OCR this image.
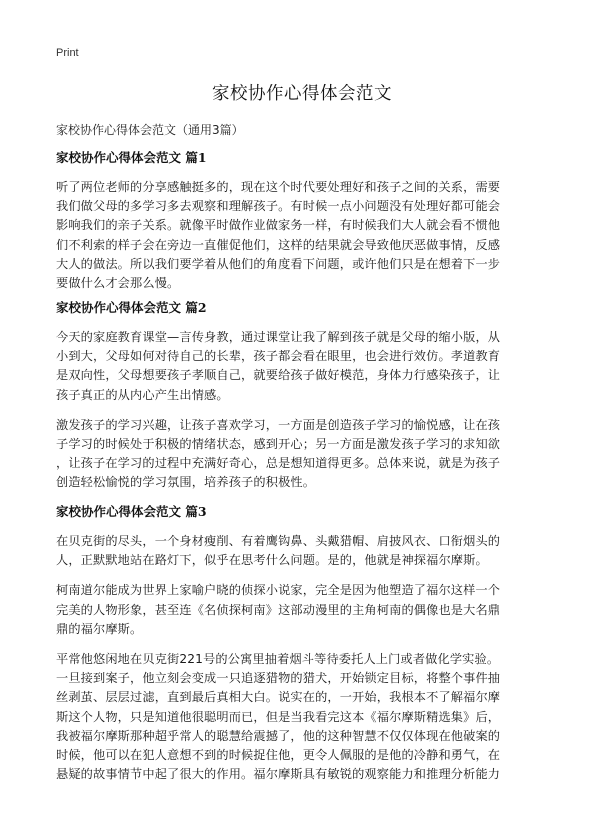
Print
家校协作心得体会范文
家校协作心得体会范文（通用3篇）
家校协作心得体会范文 篇1

听了两位老师的分享感触挺多的，现在这个时代要处理好和孩子之间的关系，需要
我们做父母的多学习多去观察和理解孩子。有时候一点小问题没有处理好都可能会
影响我们的亲子关系。就像平时做作业做家务一样，有时候我们大人就会看不惯他
们不利索的样子会在旁边一直催促他们，这样的结果就会导致他厌恶做事情，反感
大人的做法。所以我们要学着从他们的角度看下问题，或许他们只是在想着下一步
要做什么才会那么慢。

家校协作心得体会范文 篇2

今天的家庭教育课堂—言传身教，通过课堂让我了解到孩子就是父母的缩小版，从
小到大，父母如何对待自己的长辈，孩子都会看在眼里，也会进行效仿。孝道教育
是双向性，父母想要孩子孝顺自己，就要给孩子做好模范，身体力行感染孩子，让
孩子真正的从内心产生出情感。

激发孩子的学习兴趣，让孩子喜欢学习，一方面是创造孩子学习的愉悦感，让在孩
子学习的时候处于积极的情绪状态，感到开心；另一方面是激发孩子学习的求知欲
，让孩子在学习的过程中充满好奇心，总是想知道得更多。总体来说，就是为孩子
创造轻松愉悦的学习氛围，培养孩子的积极性。

家校协作心得体会范文 篇3

在贝克街的尽头，一个身材瘦削、有着鹰钩鼻、头戴猎帽、肩披风衣、口衔烟头的
人，正默默地站在路灯下，似乎在思考什么问题。是的，他就是神探福尔摩斯。

柯南道尔能成为世界上家喻户晓的侦探小说家，完全是因为他塑造了福尔这样一个
完美的人物形象，甚至连《名侦探柯南》这部动漫里的主角柯南的偶像也是大名鼎
鼎的福尔摩斯。

平常他悠闲地在贝克街221号的公寓里抽着烟斗等待委托人上门或者做化学实验。
一旦接到案子，他立刻会变成一只追逐猎物的猎犬，开始锁定目标，将整个事件抽
丝剥茧、层层过滤，直到最后真相大白。说实在的，一开始，我根本不了解福尔摩
斯这个人物，只是知道他很聪明而已，但是当我看完这本《福尔摩斯精选集》后，
我被福尔摩斯那种超乎常人的聪慧给震撼了，他的这种智慧不仅仅体现在他破案的
时候，他可以在犯人意想不到的时候捉住他，更令人佩服的是他的冷静和勇气，在
悬疑的故事情节中起了很大的作用。福尔摩斯具有敏锐的观察能力和推理分析能力
